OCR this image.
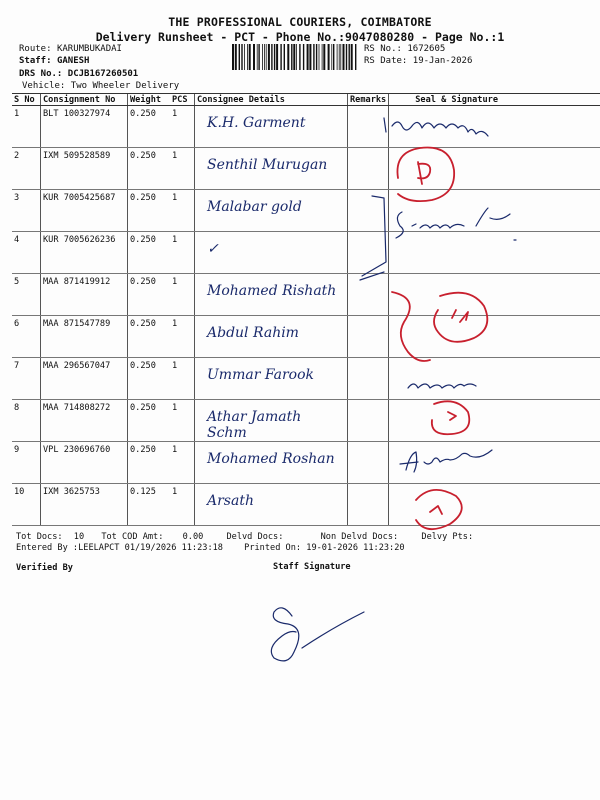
THE PROFESSIONAL COURIERS, COIMBATORE
Delivery Runsheet - PCT - Phone No.:9047080280 - Page No.:1
Route: KARUMBUKADAI
Staff: GANESH
DRS No.: DCJB167260501
Vehicle: Two Wheeler Delivery
RS No.: 1672605
RS Date: 19-Jan-2026
S No	Consignment No	Weight	PCS	Consignee Details	Remarks	Seal & Signature
1	BLT 100327974	0.250	1	K.H. Garment		

2	IXM 509528589	0.250	1	Senthil Murugan		

3	KUR 7005425687	0.250	1	Malabar gold		

4	KUR 7005626236	0.250	1	✓		

5	MAA 871419912	0.250	1	Mohamed Rishath		

6	MAA 871547789	0.250	1	Abdul Rahim		

7	MAA 296567047	0.250	1	Ummar Farook		

8	MAA 714808272	0.250	1	Athar Jamath Schm		

9	VPL 230696760	0.250	1	Mohamed Roshan		

10	IXM 3625753	0.125	1	Arsath		

Tot Docs: 10 Tot COD Amt: 0.00	Delvd Docs:	Non Delvd Docs:	Delvy Pts:
Entered By :LEELAPCT 01/19/2026 11:23:18 Printed On: 19-01-2026 11:23:20
Verified By	Staff Signature
